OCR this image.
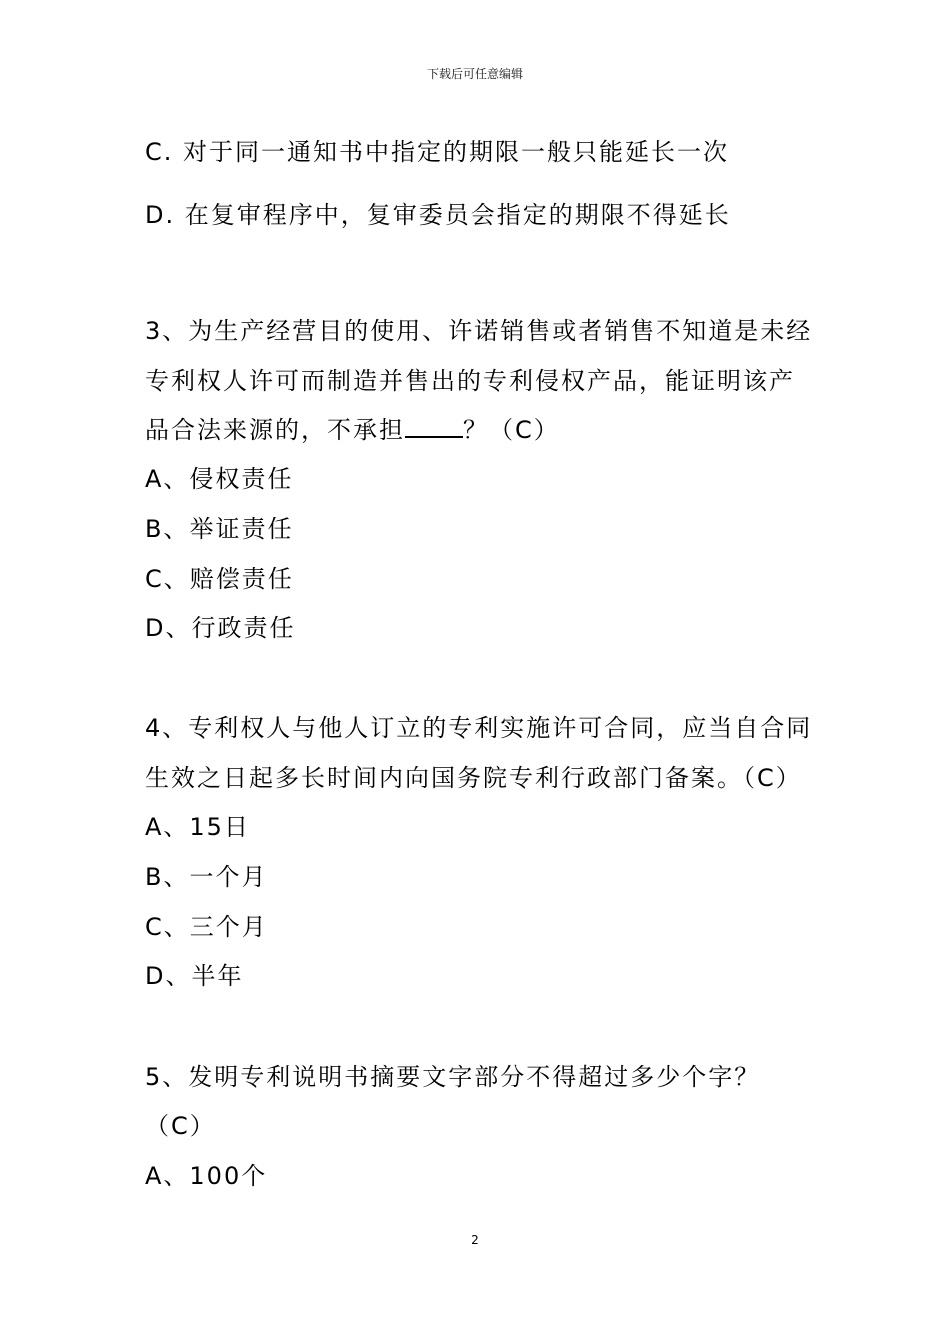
下载后可任意编辑
C. 对于同一通知书中指定的期限一般只能延长一次
D. 在复审程序中，复审委员会指定的期限不得延长
3、为生产经营目的使用、许诺销售或者销售不知道是未经
专利权人许可而制造并售出的专利侵权产品，能证明该产
品合法来源的，不承担 ？（C）
A、侵权责任
B、举证责任
C、赔偿责任
D、行政责任
4、专利权人与他人订立的专利实施许可合同，应当自合同
生效之日起多长时间内向国务院专利行政部门备案。（C）
A、15日
B、一个月
C、三个月
D、半年
5、发明专利说明书摘要文字部分不得超过多少个字？
（C）
A、100个
2
